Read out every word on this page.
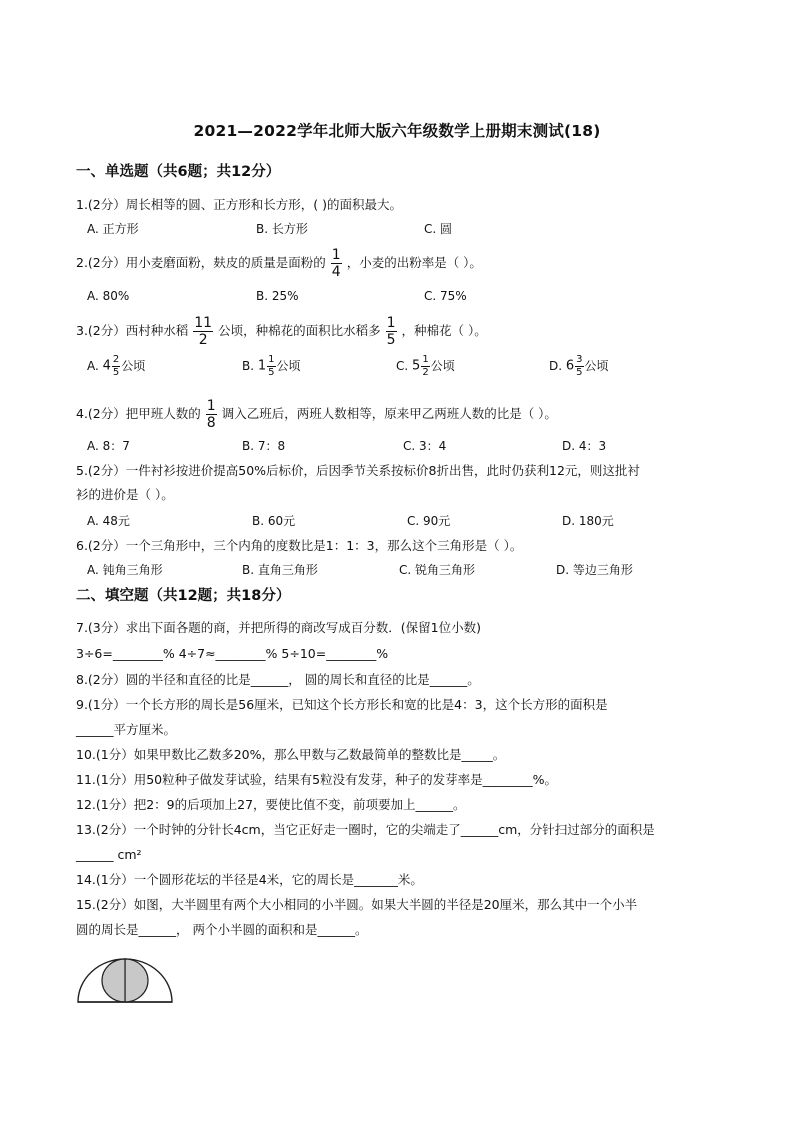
2021—2022学年北师大版六年级数学上册期末测试(18)
一、单选题（共6题；共12分）
1.(2分）周长相等的圆、正方形和长方形，( )的面积最大。
A. 正方形	B. 长方形	C. 圆
2.(2分）用小麦磨面粉，麸皮的质量是面粉的 $\frac{1}{4}$ ，小麦的出粉率是（ ）。
A. 80%	B. 25%	C. 75%
3.(2分）西村种水稻 $\frac{11}{2}$ 公顷，种棉花的面积比水稻多 $\frac{1}{5}$ ，种棉花（ ）。
A. $4 \frac{2}{5}$ 公顷	B. $1 \frac{1}{5}$ 公顷	C. $5 \frac{1}{2}$ 公顷	D. $6 \frac{3}{5}$ 公顷
4.(2分）把甲班人数的 $\frac{1}{8}$ 调入乙班后，两班人数相等，原来甲乙两班人数的比是（ ）。
A. 8：7	B. 7：8	C. 3：4	D. 4：3
5.(2分）一件衬衫按进价提高50%后标价，后因季节关系按标价8折出售，此时仍获利12元，则这批衬
衫的进价是（ ）。
A. 48元	B. 60元	C. 90元	D. 180元
6.(2分）一个三角形中，三个内角的度数比是1：1：3，那么这个三角形是（ ）。
A. 钝角三角形	B. 直角三角形	C. 锐角三角形	D. 等边三角形
二、填空题（共12题；共18分）
7.(3分）求出下面各题的商，并把所得的商改写成百分数．(保留1位小数)
3÷6=________% 4÷7≈________% 5÷10=________%
8.(2分）圆的半径和直径的比是______， 圆的周长和直径的比是______。
9.(1分）一个长方形的周长是56厘米，已知这个长方形长和宽的比是4：3，这个长方形的面积是
______平方厘米。
10.(1分）如果甲数比乙数多20%，那么甲数与乙数最简单的整数比是_____。
11.(1分）用50粒种子做发芽试验，结果有5粒没有发芽，种子的发芽率是________%。
12.(1分）把2：9的后项加上27，要使比值不变，前项要加上______。
13.(2分）一个时钟的分针长4cm，当它正好走一圈时，它的尖端走了______cm，分针扫过部分的面积是
______ cm²
14.(1分）一个圆形花坛的半径是4米，它的周长是_______米。
15.(2分）如图，大半圆里有两个大小相同的小半圆。如果大半圆的半径是20厘米，那么其中一个小半
圆的周长是______， 两个小半圆的面积和是______。
